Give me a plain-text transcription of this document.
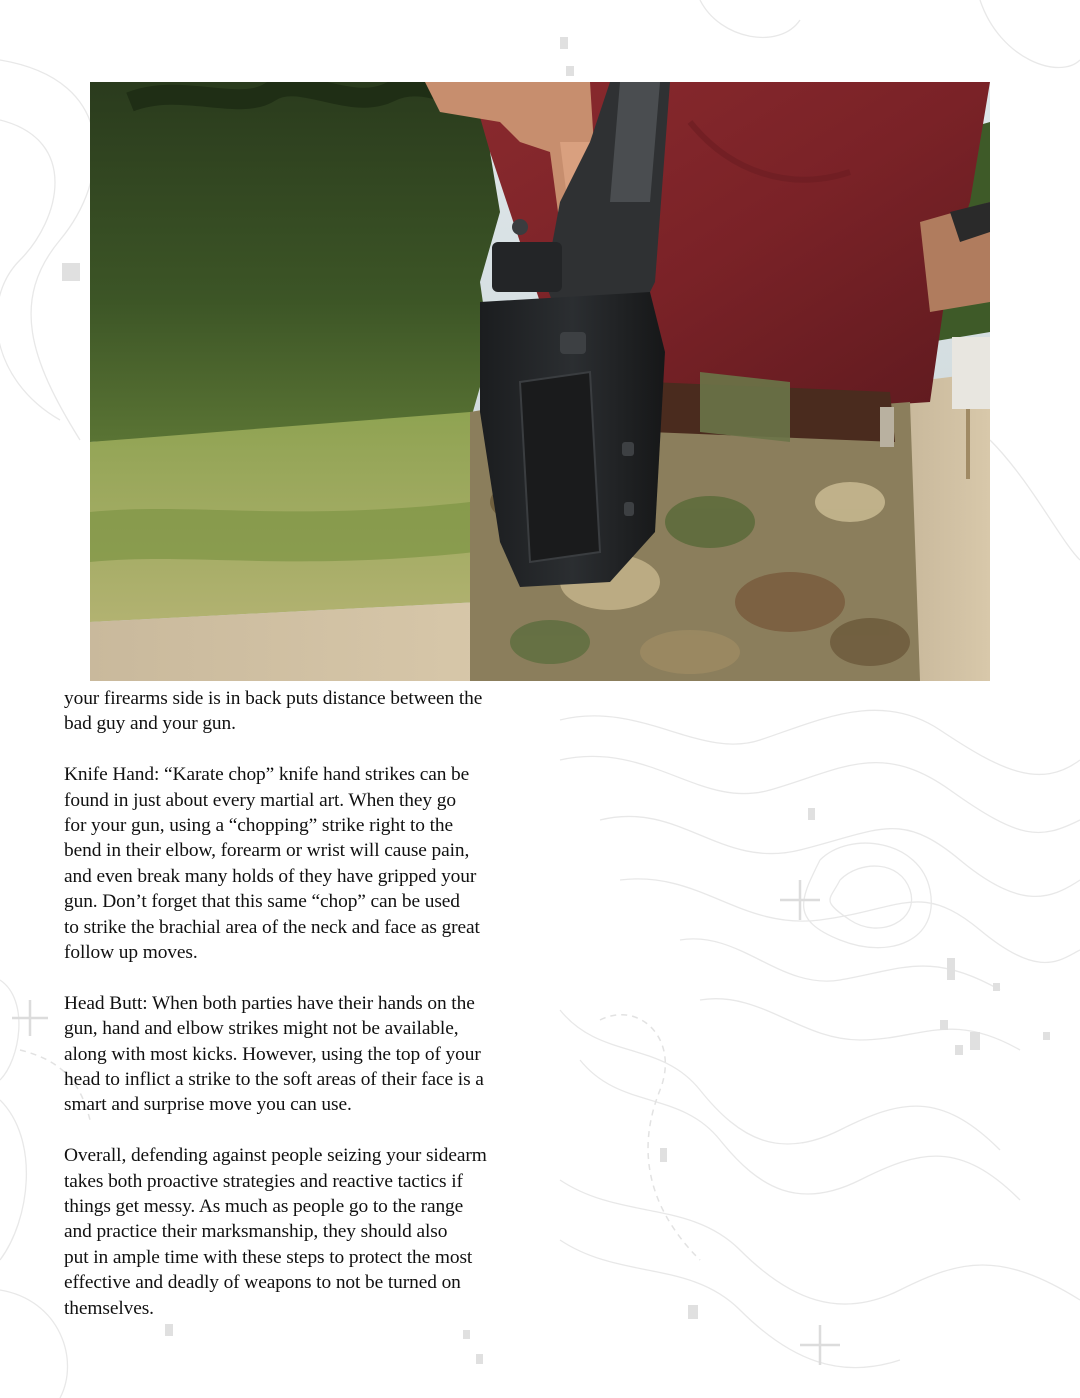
your firearms side is in back puts distance between the
bad guy and your gun.

Knife Hand: “Karate chop” knife hand strikes can be
found in just about every martial art. When they go
for your gun, using a “chopping” strike right to the
bend in their elbow, forearm or wrist will cause pain,
and even break many holds of they have gripped your
gun. Don’t forget that this same “chop” can be used
to strike the brachial area of the neck and face as great
follow up moves.

Head Butt: When both parties have their hands on the
gun, hand and elbow strikes might not be available,
along with most kicks. However, using the top of your
head to inflict a strike to the soft areas of their face is a
smart and surprise move you can use.

Overall, defending against people seizing your sidearm
takes both proactive strategies and reactive tactics if
things get messy. As much as people go to the range
and practice their marksmanship, they should also
put in ample time with these steps to protect the most
effective and deadly of weapons to not be turned on
themselves.
